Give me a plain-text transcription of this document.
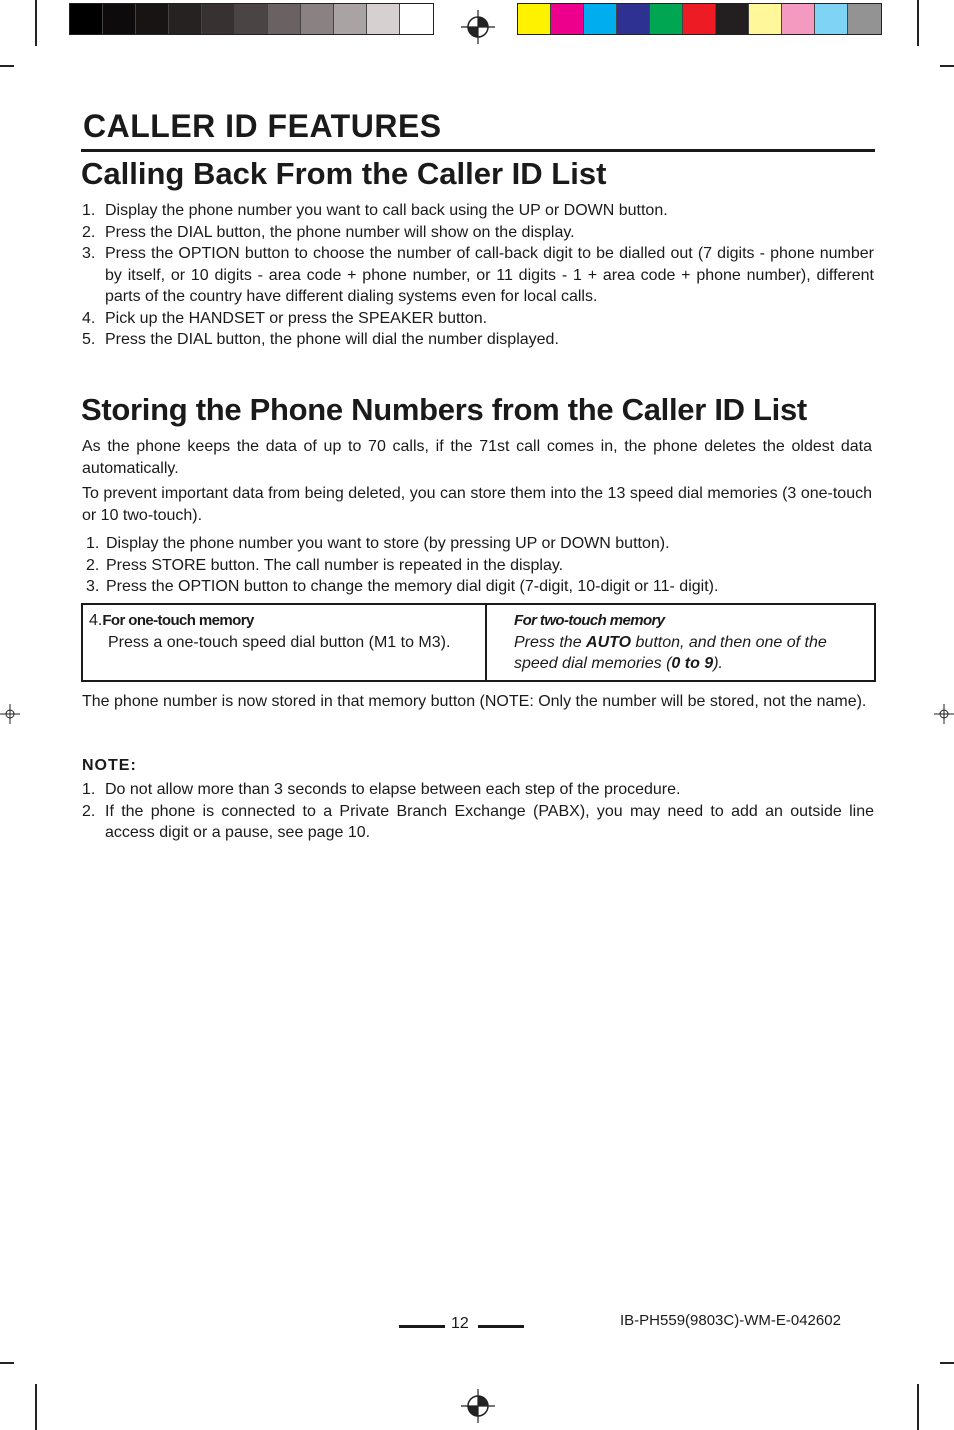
CALLER ID FEATURES
Calling Back From the Caller ID List
1. Display the phone number you want to call back using the UP or DOWN button.
2. Press the DIAL button, the phone number will show on the display.
3. Press the OPTION button to choose the number of call-back digit to be dialled out (7 digits - phone number by itself, or 10 digits - area code + phone number, or 11 digits - 1 + area code + phone number), different parts of the country have different dialing systems even for local calls.
4. Pick up the HANDSET or press the SPEAKER button.
5. Press the DIAL button, the phone will dial the number displayed.
Storing the Phone Numbers from the Caller ID List

As the phone keeps the data of up to 70 calls, if the 71st call comes in, the phone deletes the oldest data automatically.

To prevent important data from being deleted, you can store them into the 13 speed dial memories (3 one-touch or 10 two-touch).

1. Display the phone number you want to store (by pressing UP or DOWN button).
2. Press STORE button. The call number is repeated in the display.
3. Press the OPTION button to change the memory dial digit (7-digit, 10-digit or 11- digit).
4.For one-touch memory
Press a one-touch speed dial button (M1 to M3).
For two-touch memory
Press the AUTO button, and then one of the speed dial memories (0 to 9).

The phone number is now stored in that memory button (NOTE: Only the number will be stored, not the name).

NOTE:
1. Do not allow more than 3 seconds to elapse between each step of the procedure.
2. If the phone is connected to a Private Branch Exchange (PABX), you may need to add an outside line access digit or a pause, see page 10.
12	IB-PH559(9803C)-WM-E-042602
